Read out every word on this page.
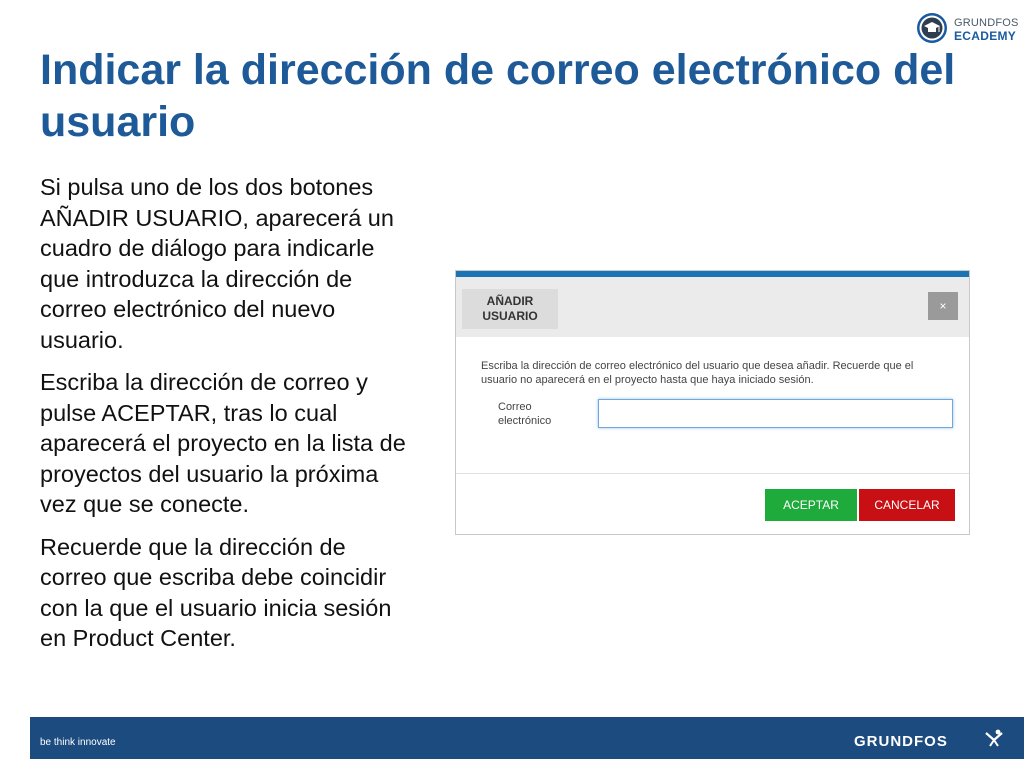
GRUNDFOS
ECADEMY
Indicar la dirección de correo electrónico del usuario

Si pulsa uno de los dos botones AÑADIR USUARIO, aparecerá un cuadro de diálogo para indicarle que introduzca la dirección de correo electrónico del nuevo usuario.

Escriba la dirección de correo y pulse ACEPTAR, tras lo cual aparecerá el proyecto en la lista de proyectos del usuario la próxima vez que se conecte.

Recuerde que la dirección de correo que escriba debe coincidir con la que el usuario inicia sesión en Product Center.

AÑADIR USUARIO
×
Escriba la dirección de correo electrónico del usuario que desea añadir. Recuerde que el usuario no aparecerá en el proyecto hasta que haya iniciado sesión.
Correo electrónico
ACEPTAR	CANCELAR
be think innovate	GRUNDFOS
